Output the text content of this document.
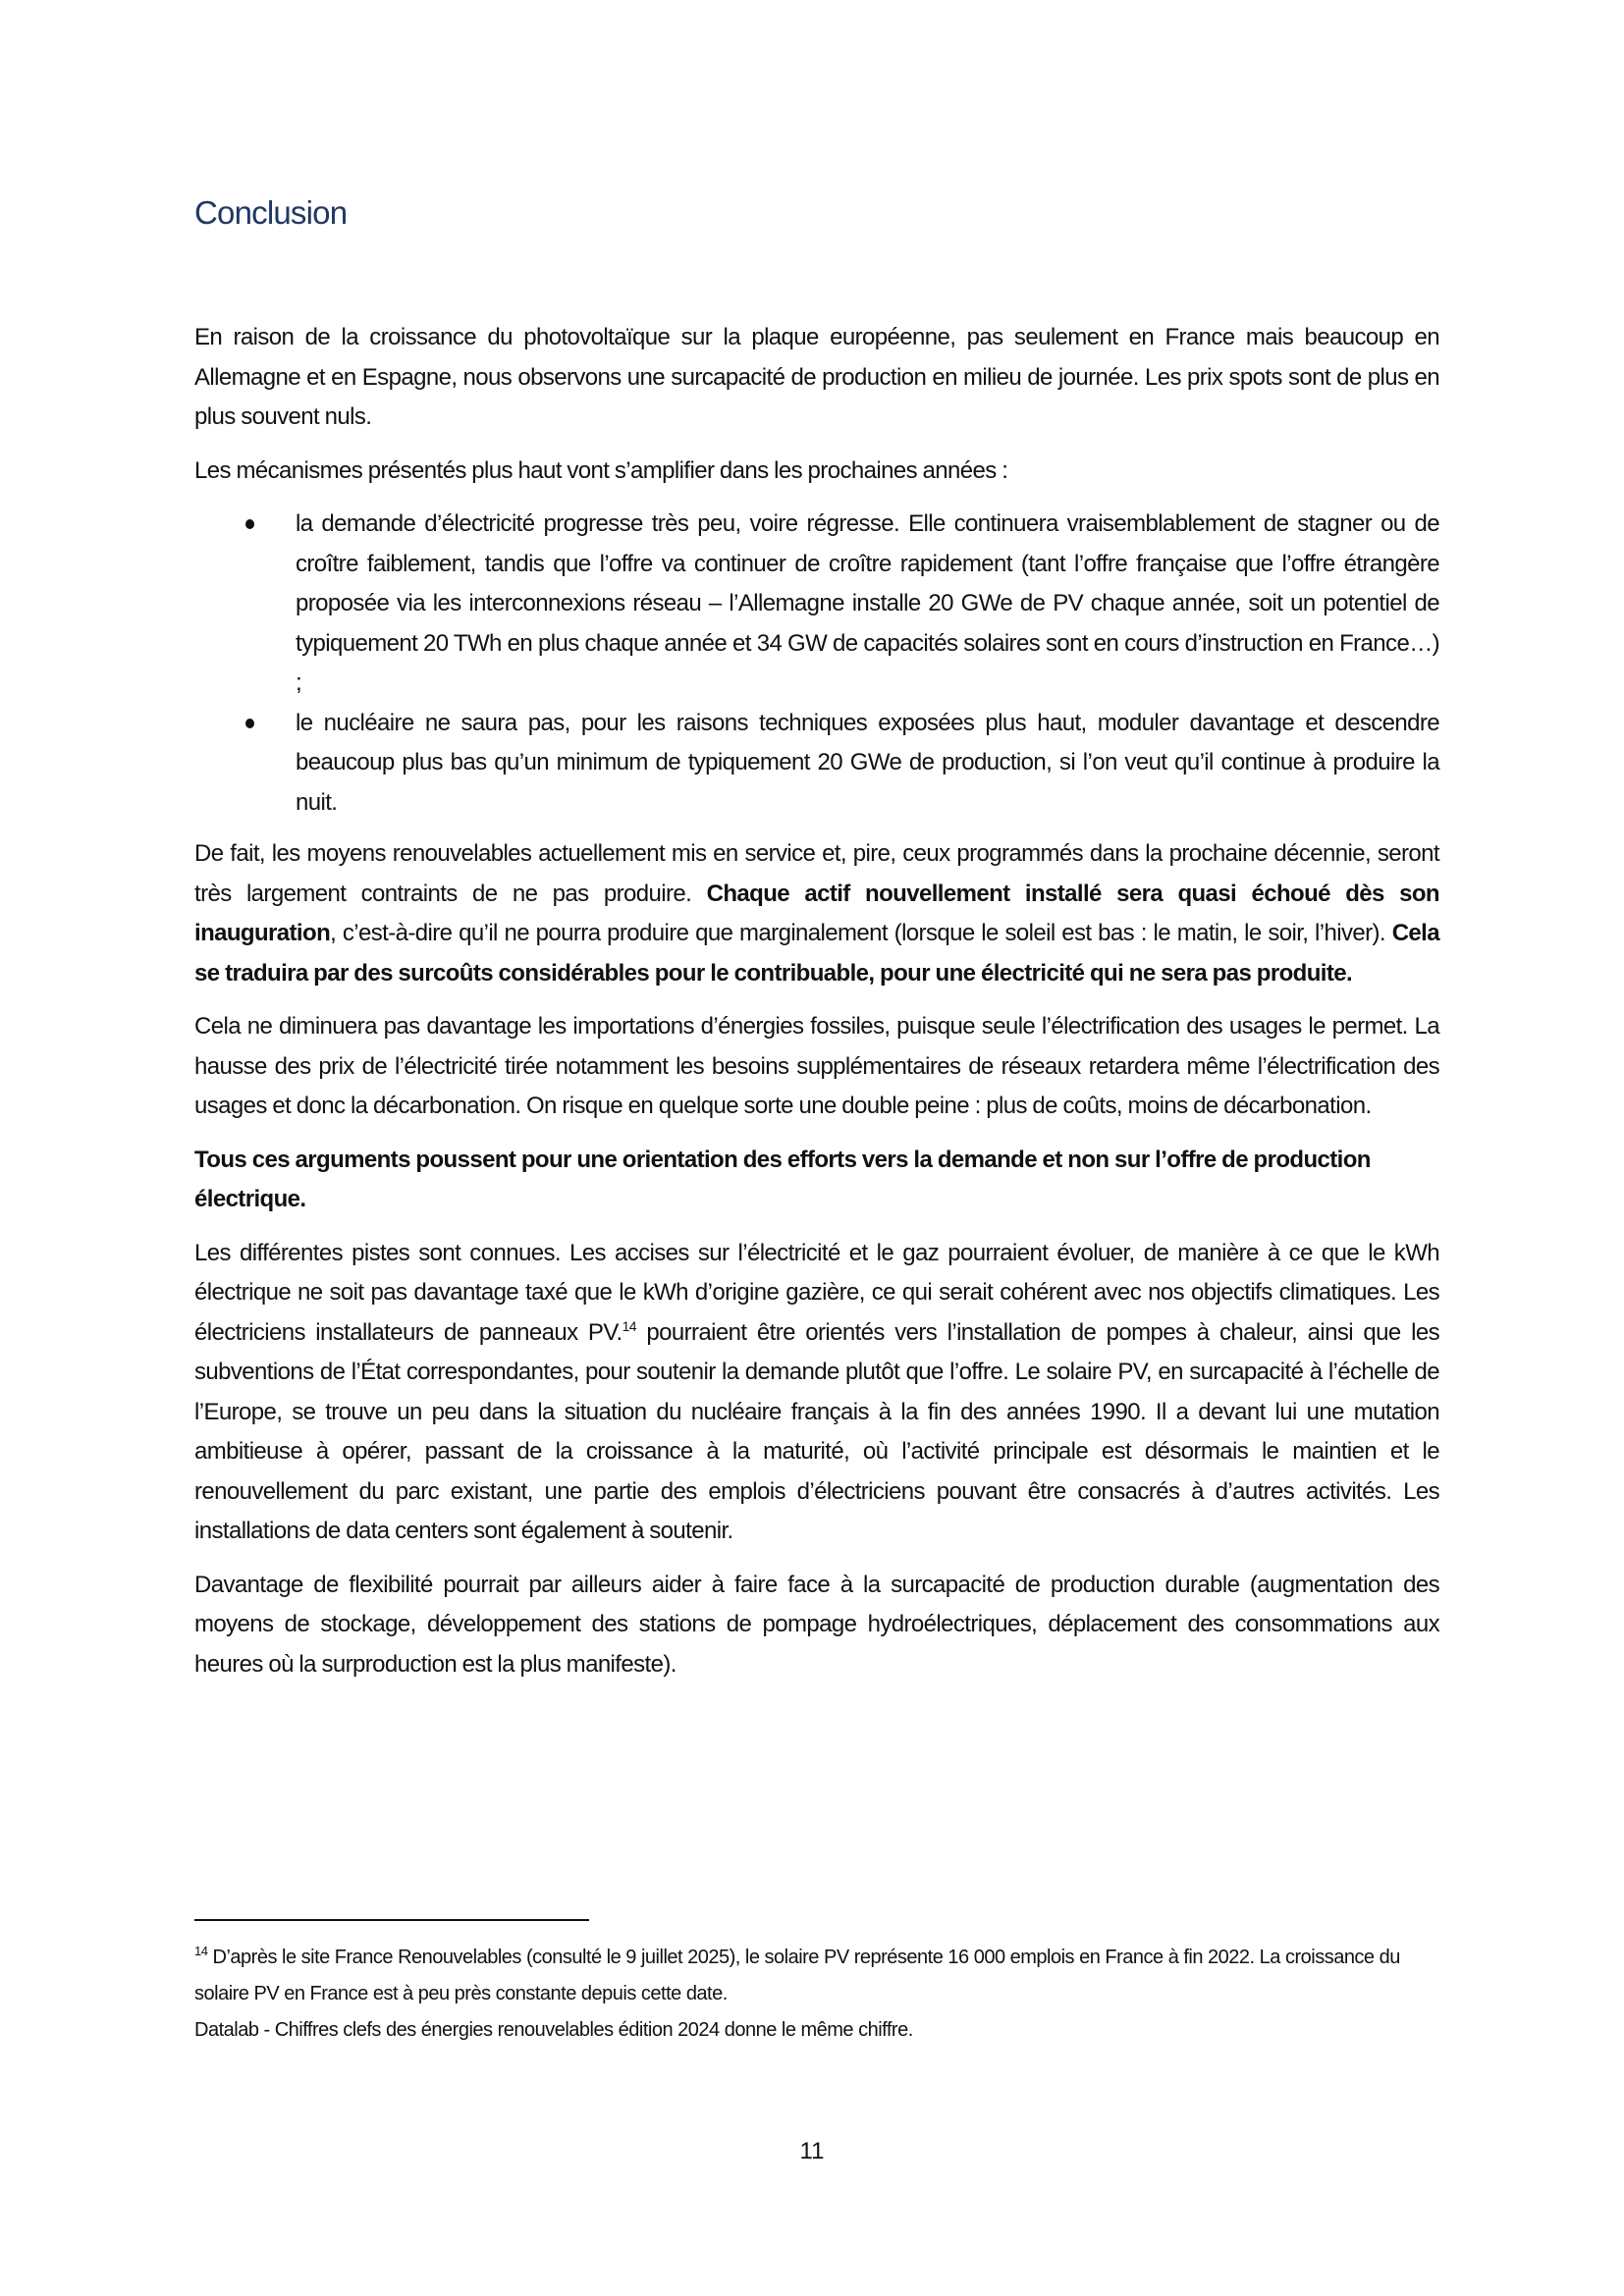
Conclusion

En raison de la croissance du photovoltaïque sur la plaque européenne, pas seulement en France mais beaucoup en Allemagne et en Espagne, nous observons une surcapacité de production en milieu de journée. Les prix spots sont de plus en plus souvent nuls.

Les mécanismes présentés plus haut vont s’amplifier dans les prochaines années :

la demande d’électricité progresse très peu, voire régresse. Elle continuera vraisemblablement de stagner ou de croître faiblement, tandis que l’offre va continuer de croître rapidement (tant l’offre française que l’offre étrangère proposée via les interconnexions réseau – l’Allemagne installe 20 GWe de PV chaque année, soit un potentiel de typiquement 20 TWh en plus chaque année et 34 GW de capacités solaires sont en cours d’instruction en France…) ;
le nucléaire ne saura pas, pour les raisons techniques exposées plus haut, moduler davantage et descendre beaucoup plus bas qu’un minimum de typiquement 20 GWe de production, si l’on veut qu’il continue à produire la nuit.

De fait, les moyens renouvelables actuellement mis en service et, pire, ceux programmés dans la prochaine décennie, seront très largement contraints de ne pas produire. Chaque actif nouvellement installé sera quasi échoué dès son inauguration, c’est-à-dire qu’il ne pourra produire que marginalement (lorsque le soleil est bas : le matin, le soir, l’hiver). Cela se traduira par des surcoûts considérables pour le contribuable, pour une électricité qui ne sera pas produite.

Cela ne diminuera pas davantage les importations d’énergies fossiles, puisque seule l’électrification des usages le permet. La hausse des prix de l’électricité tirée notamment les besoins supplémentaires de réseaux retardera même l’électrification des usages et donc la décarbonation. On risque en quelque sorte une double peine : plus de coûts, moins de décarbonation.

Tous ces arguments poussent pour une orientation des efforts vers la demande et non sur l’offre de production électrique.

Les différentes pistes sont connues. Les accises sur l’électricité et le gaz pourraient évoluer, de manière à ce que le kWh électrique ne soit pas davantage taxé que le kWh d’origine gazière, ce qui serait cohérent avec nos objectifs climatiques. Les électriciens installateurs de panneaux PV.$^{14}$ pourraient être orientés vers l’installation de pompes à chaleur, ainsi que les subventions de l’État correspondantes, pour soutenir la demande plutôt que l’offre. Le solaire PV, en surcapacité à l’échelle de l’Europe, se trouve un peu dans la situation du nucléaire français à la fin des années 1990. Il a devant lui une mutation ambitieuse à opérer, passant de la croissance à la maturité, où l’activité principale est désormais le maintien et le renouvellement du parc existant, une partie des emplois d’électriciens pouvant être consacrés à d’autres activités. Les installations de data centers sont également à soutenir.

Davantage de flexibilité pourrait par ailleurs aider à faire face à la surcapacité de production durable (augmentation des moyens de stockage, développement des stations de pompage hydroélectriques, déplacement des consommations aux heures où la surproduction est la plus manifeste).

$^{14}$ D’après le site France Renouvelables (consulté le 9 juillet 2025), le solaire PV représente 16 000 emplois en France à fin 2022. La croissance du solaire PV en France est à peu près constante depuis cette date.

Datalab - Chiffres clefs des énergies renouvelables édition 2024 donne le même chiffre.

11
